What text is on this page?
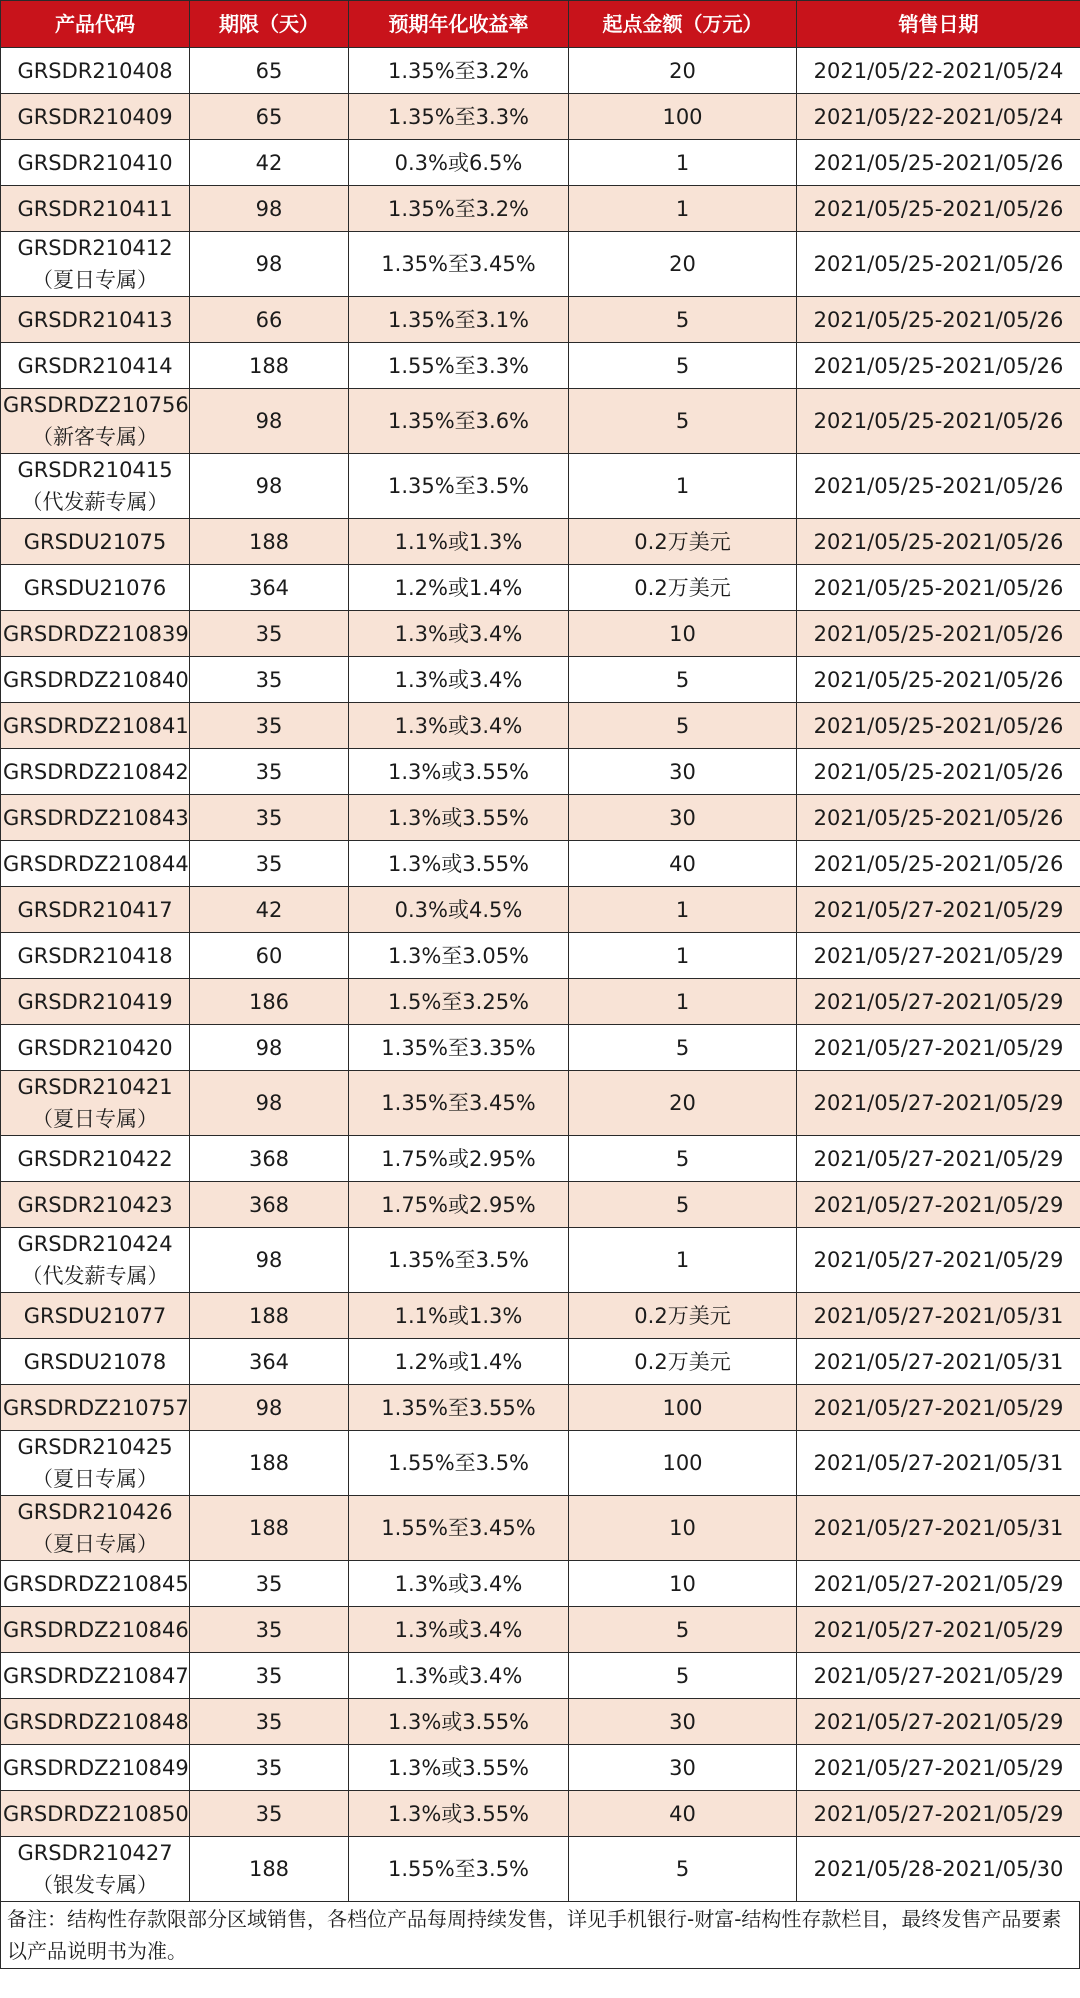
产品代码	期限（天）	预期年化收益率	起点金额（万元）	销售日期

GRSDR210408	65	1.35%至3.2%	20	2021/05/22-2021/05/24

GRSDR210409	65	1.35%至3.3%	100	2021/05/22-2021/05/24

GRSDR210410	42	0.3%或6.5%	1	2021/05/25-2021/05/26

GRSDR210411	98	1.35%至3.2%	1	2021/05/25-2021/05/26

GRSDR210412
（夏日专属）	98	1.35%至3.45%	20	2021/05/25-2021/05/26

GRSDR210413	66	1.35%至3.1%	5	2021/05/25-2021/05/26

GRSDR210414	188	1.55%至3.3%	5	2021/05/25-2021/05/26

GRSDRDZ210756
（新客专属）	98	1.35%至3.6%	5	2021/05/25-2021/05/26

GRSDR210415
（代发薪专属）	98	1.35%至3.5%	1	2021/05/25-2021/05/26

GRSDU21075	188	1.1%或1.3%	0.2万美元	2021/05/25-2021/05/26

GRSDU21076	364	1.2%或1.4%	0.2万美元	2021/05/25-2021/05/26

GRSDRDZ210839	35	1.3%或3.4%	10	2021/05/25-2021/05/26

GRSDRDZ210840	35	1.3%或3.4%	5	2021/05/25-2021/05/26

GRSDRDZ210841	35	1.3%或3.4%	5	2021/05/25-2021/05/26

GRSDRDZ210842	35	1.3%或3.55%	30	2021/05/25-2021/05/26

GRSDRDZ210843	35	1.3%或3.55%	30	2021/05/25-2021/05/26

GRSDRDZ210844	35	1.3%或3.55%	40	2021/05/25-2021/05/26

GRSDR210417	42	0.3%或4.5%	1	2021/05/27-2021/05/29

GRSDR210418	60	1.3%至3.05%	1	2021/05/27-2021/05/29

GRSDR210419	186	1.5%至3.25%	1	2021/05/27-2021/05/29

GRSDR210420	98	1.35%至3.35%	5	2021/05/27-2021/05/29

GRSDR210421
（夏日专属）	98	1.35%至3.45%	20	2021/05/27-2021/05/29

GRSDR210422	368	1.75%或2.95%	5	2021/05/27-2021/05/29

GRSDR210423	368	1.75%或2.95%	5	2021/05/27-2021/05/29

GRSDR210424
（代发薪专属）	98	1.35%至3.5%	1	2021/05/27-2021/05/29

GRSDU21077	188	1.1%或1.3%	0.2万美元	2021/05/27-2021/05/31

GRSDU21078	364	1.2%或1.4%	0.2万美元	2021/05/27-2021/05/31

GRSDRDZ210757	98	1.35%至3.55%	100	2021/05/27-2021/05/29

GRSDR210425
（夏日专属）	188	1.55%至3.5%	100	2021/05/27-2021/05/31

GRSDR210426
（夏日专属）	188	1.55%至3.45%	10	2021/05/27-2021/05/31

GRSDRDZ210845	35	1.3%或3.4%	10	2021/05/27-2021/05/29

GRSDRDZ210846	35	1.3%或3.4%	5	2021/05/27-2021/05/29

GRSDRDZ210847	35	1.3%或3.4%	5	2021/05/27-2021/05/29

GRSDRDZ210848	35	1.3%或3.55%	30	2021/05/27-2021/05/29

GRSDRDZ210849	35	1.3%或3.55%	30	2021/05/27-2021/05/29

GRSDRDZ210850	35	1.3%或3.55%	40	2021/05/27-2021/05/29

GRSDR210427
（银发专属）	188	1.55%至3.5%	5	2021/05/28-2021/05/30
备注：结构性存款限部分区域销售，各档位产品每周持续发售，详见手机银行-财富-结构性存款栏目，最终发售产品要素以产品说明书为准。
